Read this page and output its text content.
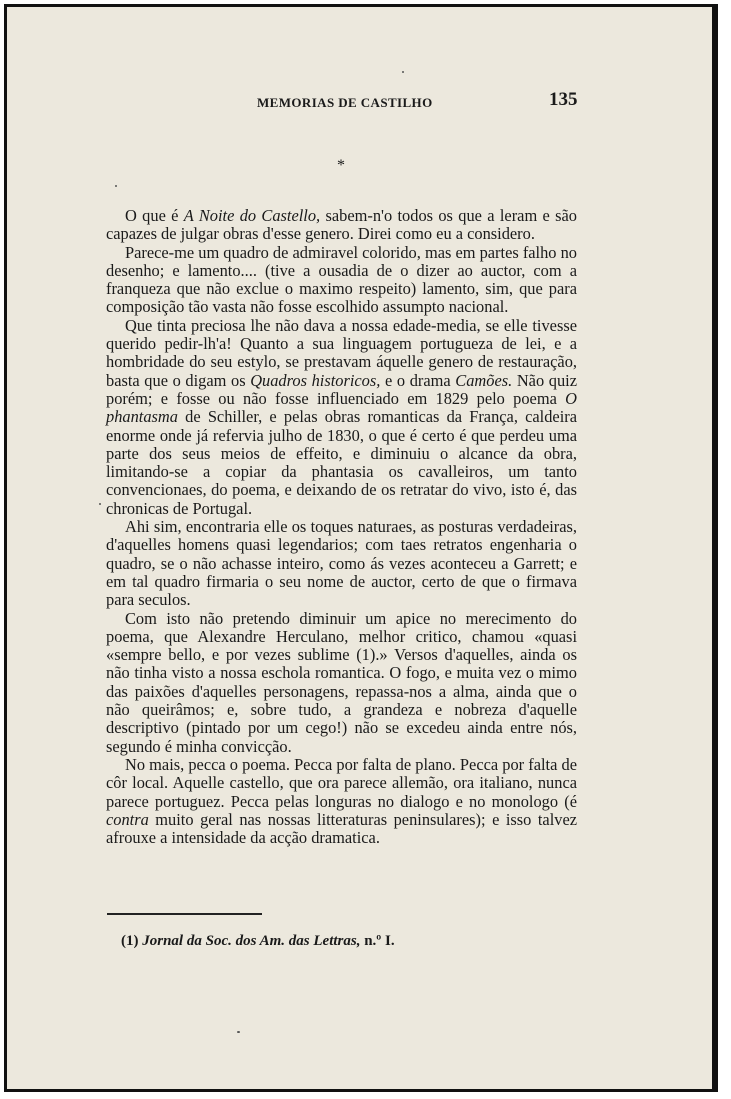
MEMORIAS DE CASTILHO	135
*

O que é A Noite do Castello, sabem-n'o todos os que a leram e são capazes de julgar obras d'esse genero. Direi como eu a considero.

Parece-me um quadro de admiravel colorido, mas em partes falho no desenho; e lamento.... (tive a ousadia de o dizer ao auctor, com a franqueza que não exclue o maximo respeito) lamento, sim, que para composição tão vasta não fosse escolhido assumpto nacional.

Que tinta preciosa lhe não dava a nossa edade-media, se elle tivesse querido pedir-lh'a! Quanto a sua linguagem portugueza de lei, e a hombridade do seu estylo, se prestavam áquelle genero de restauração, basta que o digam os Quadros historicos, e o drama Camões. Não quiz porém; e fosse ou não fosse influenciado em 1829 pelo poema O phantasma de Schiller, e pelas obras romanticas da França, caldeira enorme onde já refervia julho de 1830, o que é certo é que perdeu uma parte dos seus meios de effeito, e diminuiu o alcance da obra, limitando-se a copiar da phantasia os cavalleiros, um tanto convencionaes, do poema, e deixando de os retratar do vivo, isto é, das chronicas de Portugal.

Ahi sim, encontraria elle os toques naturaes, as posturas verdadeiras, d'aquelles homens quasi legendarios; com taes retratos engenharia o quadro, se o não achasse inteiro, como ás vezes aconteceu a Garrett; e em tal quadro firmaria o seu nome de auctor, certo de que o firmava para seculos.

Com isto não pretendo diminuir um apice no merecimento do poema, que Alexandre Herculano, melhor critico, chamou «quasi «sempre bello, e por vezes sublime (1).» Versos d'aquelles, ainda os não tinha visto a nossa eschola romantica. O fogo, e muita vez o mimo das paixões d'aquelles personagens, repassa-nos a alma, ainda que o não queirâmos; e, sobre tudo, a grandeza e nobreza d'aquelle descriptivo (pintado por um cego!) não se excedeu ainda entre nós, segundo é minha convicção.

No mais, pecca o poema. Pecca por falta de plano. Pecca por falta de côr local. Aquelle castello, que ora parece allemão, ora italiano, nunca parece portuguez. Pecca pelas longuras no dialogo e no monologo (é contra muito geral nas nossas litteraturas peninsulares); e isso talvez afrouxe a intensidade da acção dramatica.

(1) Jornal da Soc. dos Am. das Lettras, n.º I.
